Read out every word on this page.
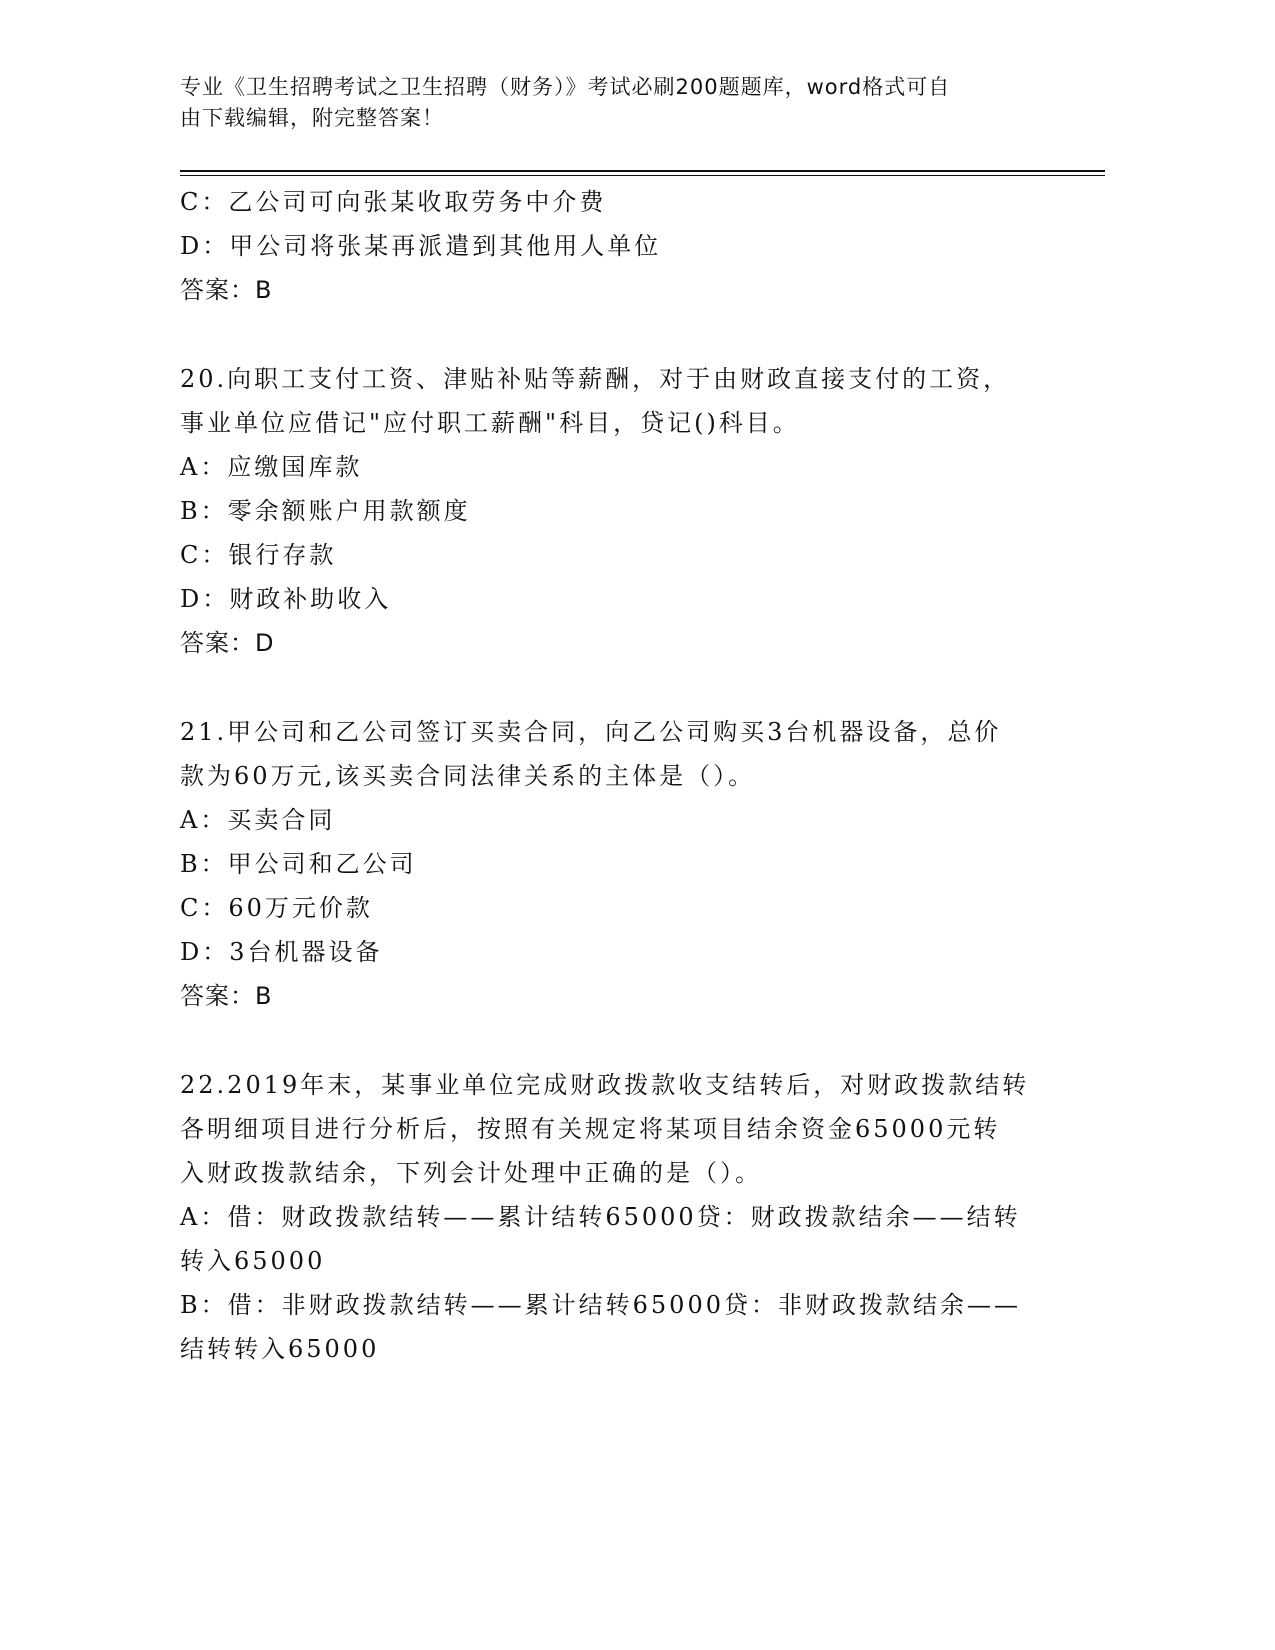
专业《卫生招聘考试之卫生招聘（财务）》考试必刷200题题库，word格式可自
由下载编辑，附完整答案！
C：乙公司可向张某收取劳务中介费
D：甲公司将张某再派遣到其他用人单位
答案：B
20.向职工支付工资、津贴补贴等薪酬，对于由财政直接支付的工资，
事业单位应借记"应付职工薪酬"科目，贷记()科目。
A：应缴国库款
B：零余额账户用款额度
C：银行存款
D：财政补助收入
答案：D
21.甲公司和乙公司签订买卖合同，向乙公司购买3台机器设备，总价
款为60万元,该买卖合同法律关系的主体是（）。
A：买卖合同
B：甲公司和乙公司
C：60万元价款
D：3台机器设备
答案：B
22.2019年末，某事业单位完成财政拨款收支结转后，对财政拨款结转
各明细项目进行分析后，按照有关规定将某项目结余资金65000元转
入财政拨款结余，下列会计处理中正确的是（）。
A：借：财政拨款结转——累计结转65000贷：财政拨款结余——结转
转入65000
B：借：非财政拨款结转——累计结转65000贷：非财政拨款结余——
结转转入65000
